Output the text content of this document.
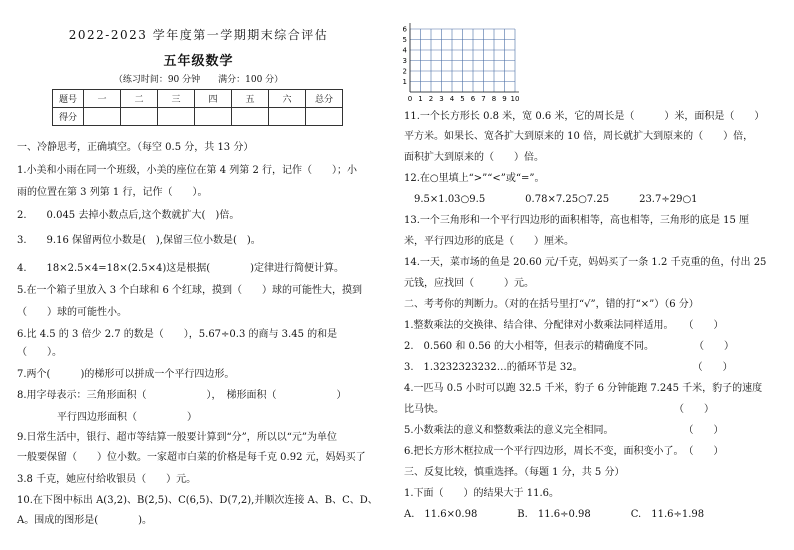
2022-2023 学年度第一学期期末综合评估
五年级数学
（练习时间：90 分钟　　满分：100 分）
题号	一	二	三	四	五	六	总分
得分							
一、冷静思考，正确填空。（每空 0.5 分，共 13 分）
1.小美和小雨在同一个班级，小美的座位在第 4 列第 2 行，记作（　　）；小
雨的位置在第 3 列第 1 行，记作（　　）。
2.　　0.045 去掉小数点后,这个数就扩大(　)倍。
3.　　9.16 保留两位小数是(　),保留三位小数是(　)。
4.　　18×2.5×4=18×(2.5×4)这是根据(　　　　)定律进行简便计算。
5.在一个箱子里放入 3 个白球和 6 个红球，摸到（　　）球的可能性大，摸到
（　　）球的可能性小。
6.比 4.5 的 3 倍少 2.7 的数是（　　），5.67÷0.3 的商与 3.45 的和是
（　　）。
7.两个(　　　)的梯形可以拼成一个平行四边形。
8.用字母表示：三角形面积（　　　　　　），　梯形面积（　　　　　　）
　　　　平行四边形面积（　　　　　）
9.日常生活中，银行、超市等结算一般要计算到“分”，所以以“元”为单位
一般要保留（　　）位小数。一家超市白菜的价格是每千克 0.92 元，妈妈买了
3.8 千克，她应付给收银员（　　）元。
10.在下图中标出 A(3,2)、B(2,5)、C(6,5)、D(7,2),并顺次连接 A、B、C、D、
A。围成的图形是(　　　　)。
0 1 2 3 4 5 6 7 8 9 10
1
2
3
4
5
6
11.一个长方形长 0.8 米，宽 0.6 米，它的周长是（　　　）米，面积是（　　）
平方米。如果长、宽各扩大到原来的 10 倍，周长就扩大到原来的（　　）倍，
面积扩大到原来的（　　）倍。
12.在○里填上“>”“<”或“=”。
　9.5×1.03○9.5　　　　0.78×7.25○7.25　　　23.7÷29○1
13.一个三角形和一个平行四边形的面积相等，高也相等，三角形的底是 15 厘
米，平行四边形的底是（　　）厘米。
14.一天，菜市场的鱼是 20.60 元/千克，妈妈买了一条 1.2 千克重的鱼，付出 25
元钱，应找回（　　　）元。
二、考考你的判断力。（对的在括号里打“√”，错的打“×”）（6 分）
1.整数乘法的交换律、结合律、分配律对小数乘法同样适用。　　（　　）
2.　0.560 和 0.56 的大小相等，但表示的精确度不同。　　　　　（　　）
3.　1.3232323232…的循环节是 32。　　　　　　　　　　　　（　　）
4.一匹马 0.5 小时可以跑 32.5 千米，豹子 6 分钟能跑 7.245 千米，豹子的速度
比马快。　　　　　　　　　　　　　　　　　　　　　　　　（　　）
5.小数乘法的意义和整数乘法的意义完全相同。　　　　　　　　（　　）
6.把长方形木框拉成一个平行四边形，周长不变，面积变小了。　（　　）
三、反复比较，慎重选择。（每题 1 分，共 5 分）
1.下面（　　）的结果大于 11.6。
A.　11.6×0.98　　　　B.　11.6÷0.98　　　　C.　11.6÷1.98
